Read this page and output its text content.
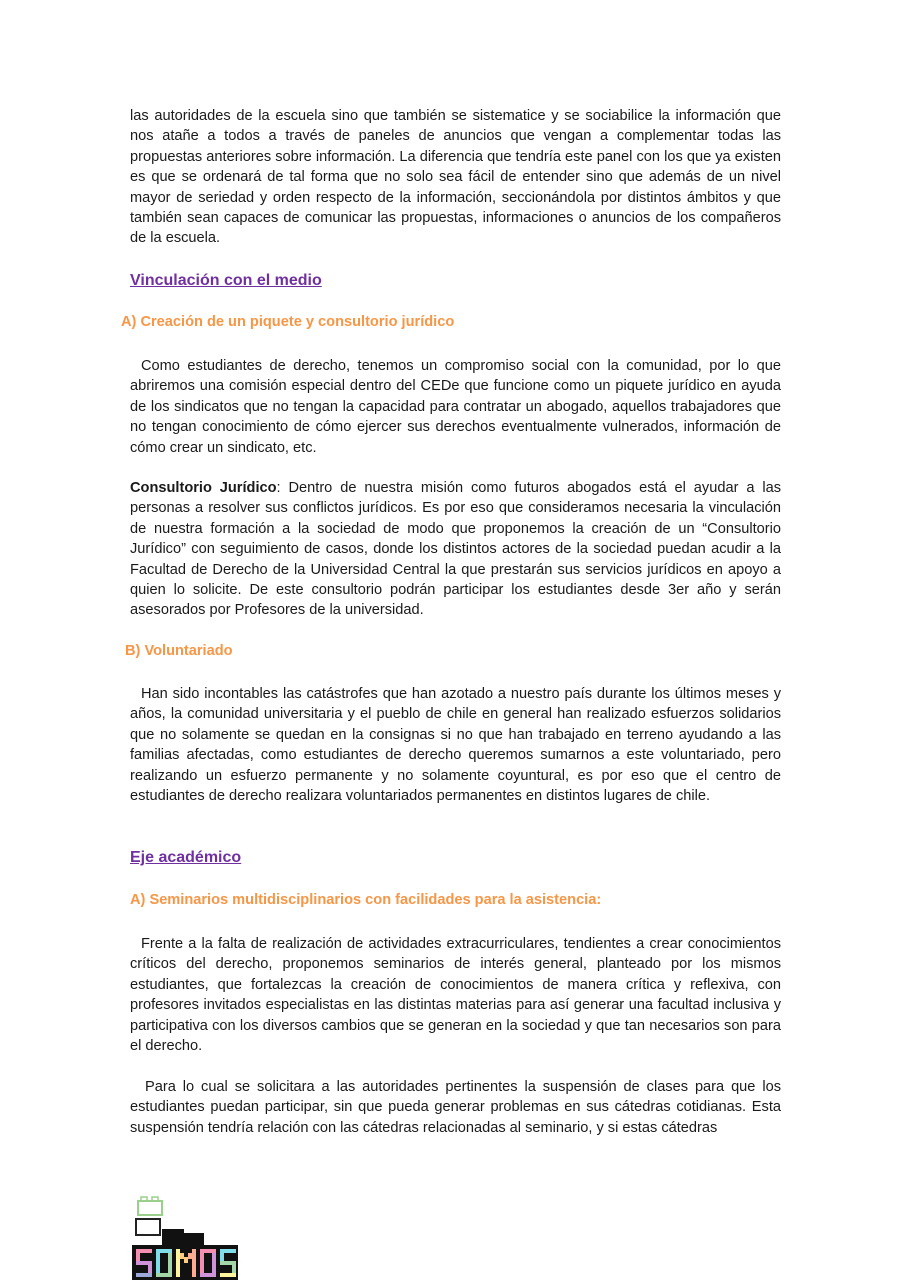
las autoridades de la escuela sino que también se sistematice y se sociabilice la información que nos atañe a todos a través de paneles de anuncios que vengan a complementar todas las propuestas anteriores sobre información. La diferencia que tendría este panel con los que ya existen es que se ordenará de tal forma que no solo sea fácil de entender sino que además de un nivel mayor de seriedad y orden respecto de la información, seccionándola por distintos ámbitos y que también sean capaces de comunicar las propuestas, informaciones o anuncios de los compañeros de la escuela.

Vinculación con el medio
A) Creación de un piquete y consultorio jurídico

Como estudiantes de derecho, tenemos un compromiso social con la comunidad, por lo que abriremos una comisión especial dentro del CEDe que funcione como un piquete jurídico en ayuda de los sindicatos que no tengan la capacidad para contratar un abogado, aquellos trabajadores que no tengan conocimiento de cómo ejercer sus derechos eventualmente vulnerados, información de cómo crear un sindicato, etc.

Consultorio Jurídico: Dentro de nuestra misión como futuros abogados está el ayudar a las personas a resolver sus conflictos jurídicos. Es por eso que consideramos necesaria la vinculación de nuestra formación a la sociedad de modo que proponemos la creación de un “Consultorio Jurídico” con seguimiento de casos, donde los distintos actores de la sociedad puedan acudir a la Facultad de Derecho de la Universidad Central la que prestarán sus servicios jurídicos en apoyo a quien lo solicite. De este consultorio podrán participar los estudiantes desde 3er año y serán asesorados por Profesores de la universidad.

B) Voluntariado

Han sido incontables las catástrofes que han azotado a nuestro país durante los últimos meses y años, la comunidad universitaria y el pueblo de chile en general han realizado esfuerzos solidarios que no solamente se quedan en la consignas si no que han trabajado en terreno ayudando a las familias afectadas, como estudiantes de derecho queremos sumarnos a este voluntariado, pero realizando un esfuerzo permanente y no solamente coyuntural, es por eso que el centro de estudiantes de derecho realizara voluntariados permanentes en distintos lugares de chile.

Eje académico
A) Seminarios multidisciplinarios con facilidades para la asistencia:

Frente a la falta de realización de actividades extracurriculares, tendientes a crear conocimientos críticos del derecho, proponemos seminarios de interés general, planteado por los mismos estudiantes, que fortalezcas la creación de conocimientos de manera crítica y reflexiva, con profesores invitados especialistas en las distintas materias para así generar una facultad inclusiva y participativa con los diversos cambios que se generan en la sociedad y que tan necesarios son para el derecho.

Para lo cual se solicitara a las autoridades pertinentes la suspensión de clases para que los estudiantes puedan participar, sin que pueda generar problemas en sus cátedras cotidianas. Esta suspensión tendría relación con las cátedras relacionadas al seminario, y si estas cátedras
